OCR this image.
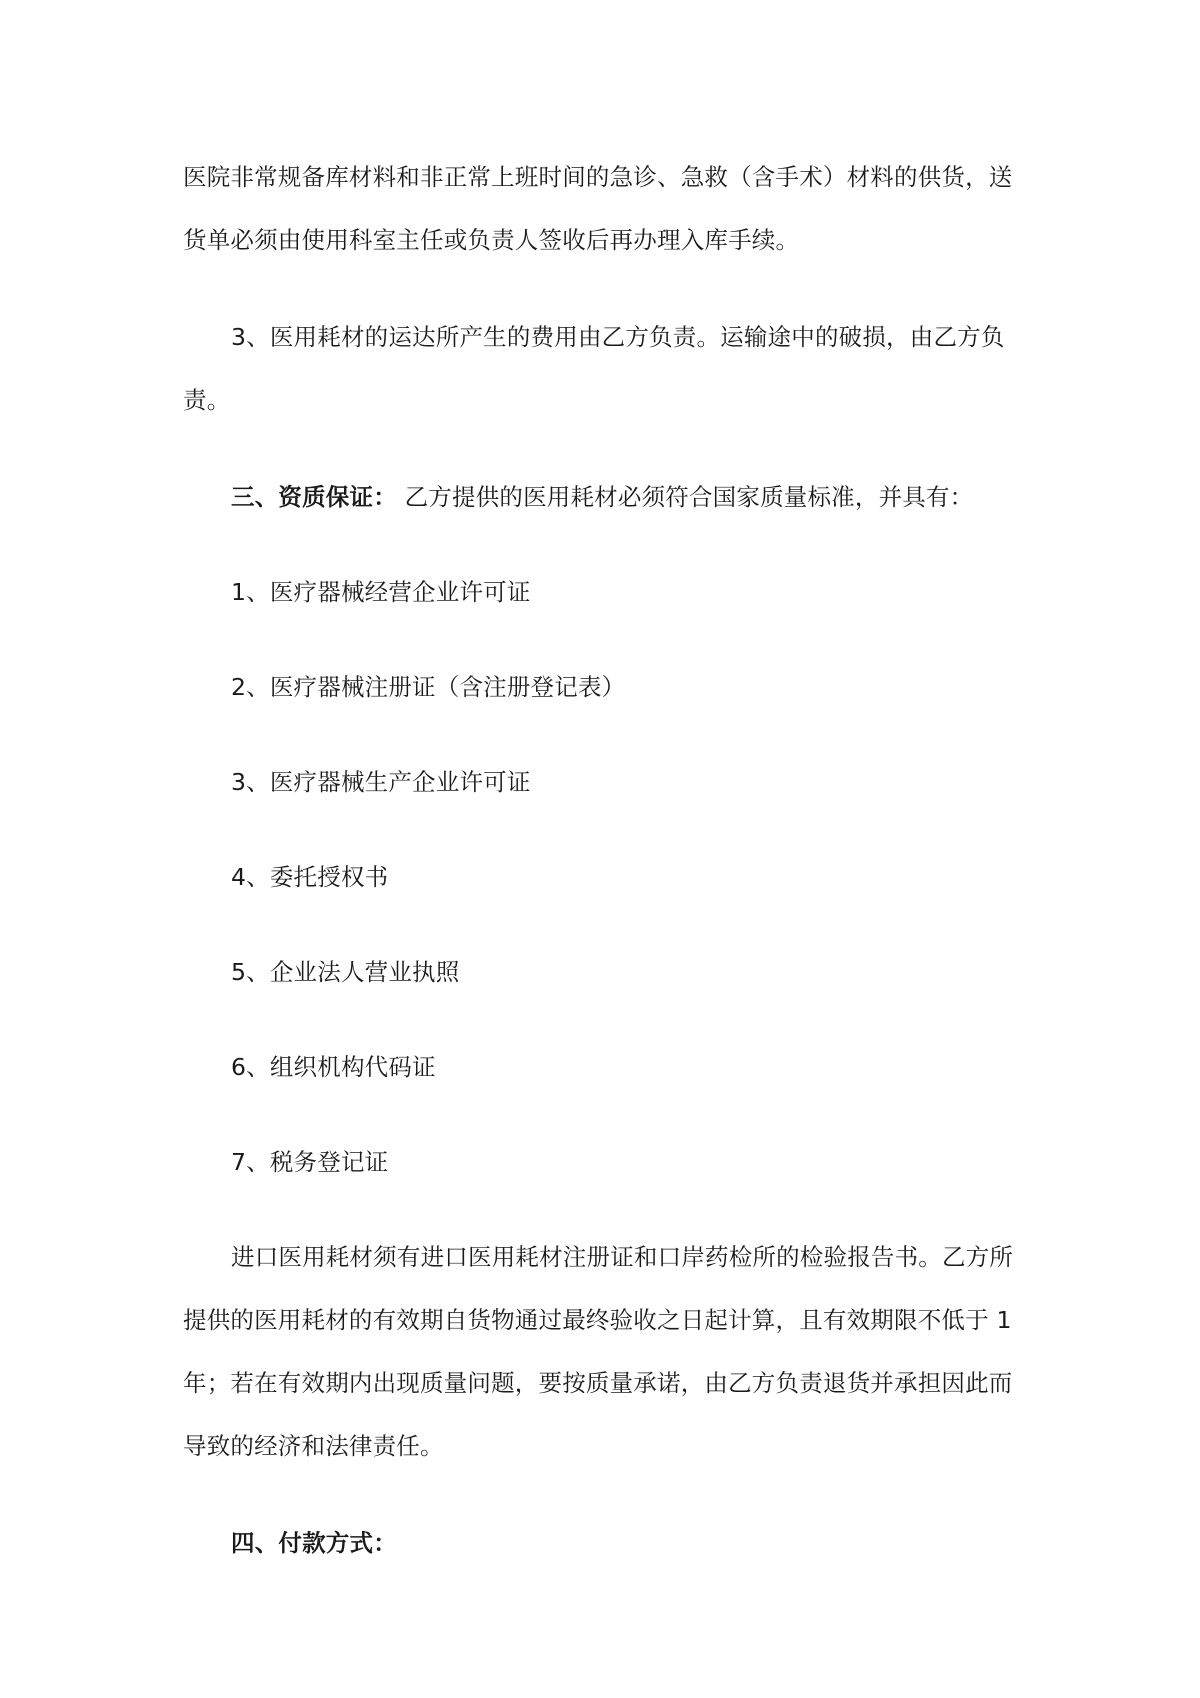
医院非常规备库材料和非正常上班时间的急诊、急救（含手术）材料的供货，送
货单必须由使用科室主任或负责人签收后再办理入库手续。
3、医用耗材的运达所产生的费用由乙方负责。运输途中的破损，由乙方负
责。
三、资质保证： 乙方提供的医用耗材必须符合国家质量标准，并具有：
1、医疗器械经营企业许可证
2、医疗器械注册证（含注册登记表）
3、医疗器械生产企业许可证
4、委托授权书
5、企业法人营业执照
6、组织机构代码证
7、税务登记证
进口医用耗材须有进口医用耗材注册证和口岸药检所的检验报告书。乙方所
提供的医用耗材的有效期自货物通过最终验收之日起计算，且有效期限不低于 1
年；若在有效期内出现质量问题，要按质量承诺，由乙方负责退货并承担因此而
导致的经济和法律责任。
四、付款方式：
